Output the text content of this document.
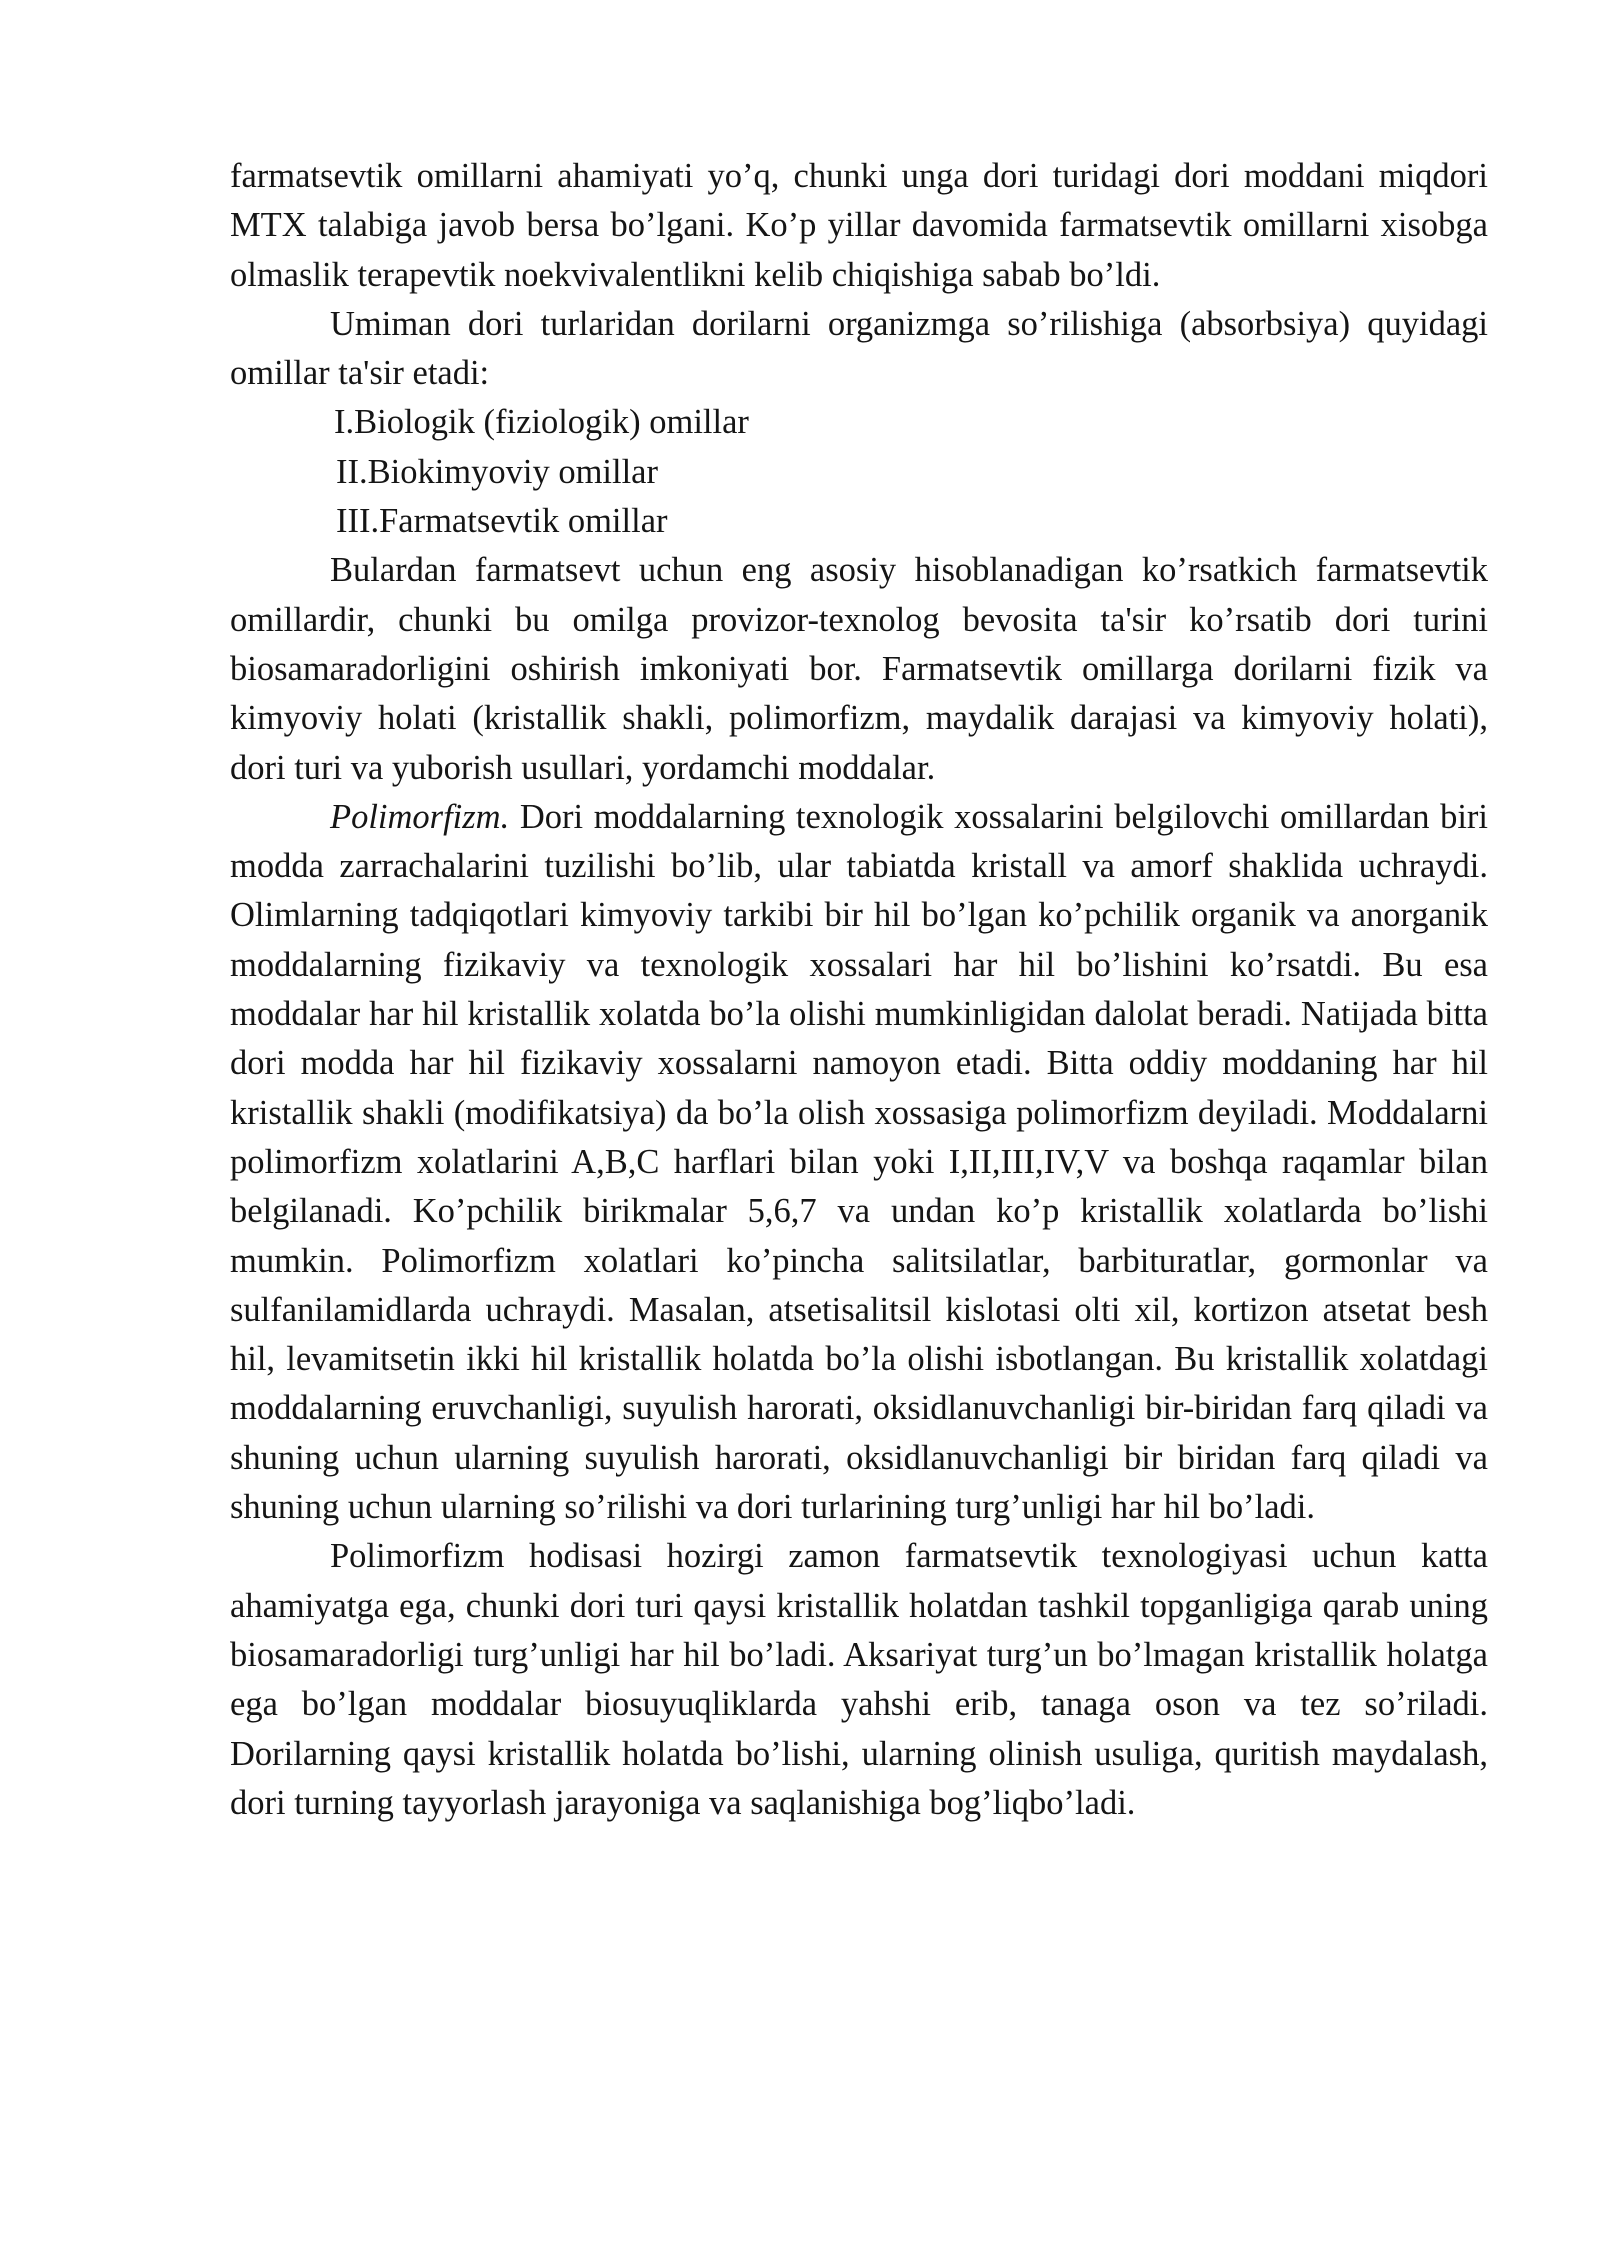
farmatsevtik omillarni ahamiyati yo’q, chunki unga dori turidagi dori moddani miqdori MTX talabiga javob bersa bo’lgani. Ko’p yillar davomida farmatsevtik omillarni xisobga olmaslik terapevtik noekvivalentlikni kelib chiqishiga sabab bo’ldi.

Umiman dori turlaridan dorilarni organizmga so’rilishiga (absorbsiya) quyidagi omillar ta'sir etadi:

I.Biologik (fiziologik) omillar

II.Biokimyoviy omillar

III.Farmatsevtik omillar

Bulardan farmatsevt uchun eng asosiy hisoblanadigan ko’rsatkich farmatsevtik omillardir, chunki bu omilga provizor-texnolog bevosita ta'sir ko’rsatib dori turini biosamaradorligini oshirish imkoniyati bor. Farmatsevtik omillarga dorilarni fizik va kimyoviy holati (kristallik shakli, polimorfizm, maydalik darajasi va kimyoviy holati), dori turi va yuborish usullari, yordamchi moddalar.

Polimorfizm. Dori moddalarning texnologik xossalarini belgilovchi omillardan biri modda zarrachalarini tuzilishi bo’lib, ular tabiatda kristall va amorf shaklida uchraydi. Olimlarning tadqiqotlari kimyoviy tarkibi bir hil bo’lgan ko’pchilik organik va anorganik moddalarning fizikaviy va texnologik xossalari har hil bo’lishini ko’rsatdi. Bu esa moddalar har hil kristallik xolatda bo’la olishi mumkinligidan dalolat beradi. Natijada bitta dori modda har hil fizikaviy xossalarni namoyon etadi. Bitta oddiy moddaning har hil kristallik shakli (modifikatsiya) da bo’la olish xossasiga polimorfizm deyiladi. Moddalarni polimorfizm xolatlarini A,B,C harflari bilan yoki I,II,III,IV,V va boshqa raqamlar bilan belgilanadi. Ko’pchilik birikmalar 5,6,7 va undan ko’p kristallik xolatlarda bo’lishi mumkin. Polimorfizm xolatlari ko’pincha salitsilatlar, barbituratlar, gormonlar va sulfanilamidlarda uchraydi. Masalan, atsetisalitsil kislotasi olti xil, kortizon atsetat besh hil, levamitsetin ikki hil kristallik holatda bo’la olishi isbotlangan. Bu kristallik xolatdagi moddalarning eruvchanligi, suyulish harorati, oksidlanuvchanligi bir-biridan farq qiladi va shuning uchun ularning suyulish harorati, oksidlanuvchanligi bir biridan farq qiladi va shuning uchun ularning so’rilishi va dori turlarining turg’unligi har hil bo’ladi.

Polimorfizm hodisasi hozirgi zamon farmatsevtik texnologiyasi uchun katta ahamiyatga ega, chunki dori turi qaysi kristallik holatdan tashkil topganligiga qarab uning biosamaradorligi turg’unligi har hil bo’ladi. Aksariyat turg’un bo’lmagan kristallik holatga ega bo’lgan moddalar biosuyuqliklarda yahshi erib, tanaga oson va tez so’riladi. Dorilarning qaysi kristallik holatda bo’lishi, ularning olinish usuliga, quritish maydalash, dori turning tayyorlash jarayoniga va saqlanishiga bog’liqbo’ladi.
